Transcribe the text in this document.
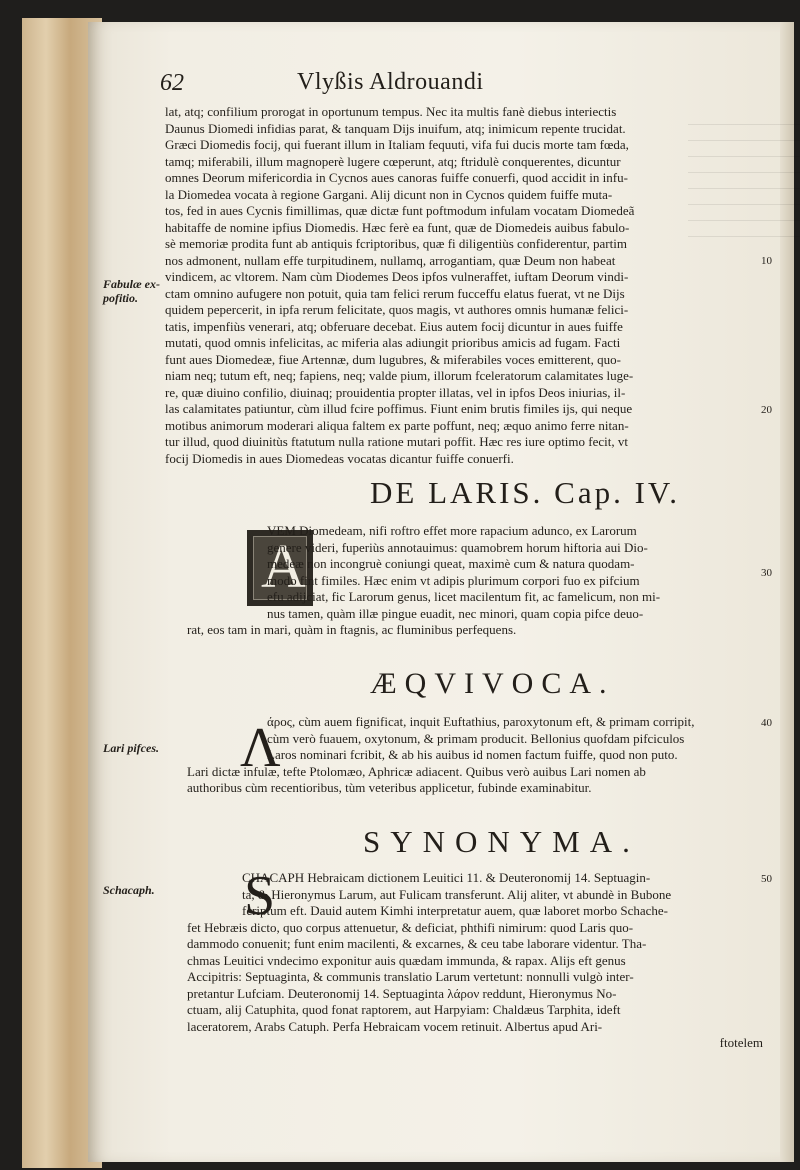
62	Vlyßis Aldrouandi
lat, atq; confilium prorogat in oportunum tempus. Nec ita multis fanè diebus interiectis
Daunus Diomedi infidias parat, & tanquam Dijs inuifum, atq; inimicum repente trucidat.
Græci Diomedis focij, qui fuerant illum in Italiam fequuti, vifa fui ducis morte tam fœda,
tamq; miferabili, illum magnoperè lugere cœperunt, atq; ftridulè conquerentes, dicuntur
omnes Deorum mifericordia in Cycnos aues canoras fuiffe conuerfi, quod accidit in infu-
la Diomedea vocata à regione Gargani. Alij dicunt non in Cycnos quidem fuiffe muta-
tos, fed in aues Cycnis fimillimas, quæ dictæ funt poftmodum infulam vocatam Diomedeã
habitaffe de nomine ipfius Diomedis. Hæc ferè ea funt, quæ de Diomedeis auibus fabulo-
sè memoriæ prodita funt ab antiquis fcriptoribus, quæ fi diligentiùs confiderentur, partim
nos admonent, nullam effe turpitudinem, nullamq, arrogantiam, quæ Deum non habeat
vindicem, ac vltorem. Nam cùm Diodemes Deos ipfos vulneraffet, iuftam Deorum vindi-
ctam omnino aufugere non potuit, quia tam felici rerum fucceffu elatus fuerat, vt ne Dijs
quidem pepercerit, in ipfa rerum felicitate, quos magis, vt authores omnis humanæ felici-
tatis, impenfiùs venerari, atq; obferuare decebat. Eius autem focij dicuntur in aues fuiffe
mutati, quod omnis infelicitas, ac miferia alas adiungit prioribus amicis ad fugam. Facti
funt aues Diomedeæ, fiue Artennæ, dum lugubres, & miferabiles voces emitterent, quo-
niam neq; tutum eft, neq; fapiens, neq; valde pium, illorum fceleratorum calamitates luge-
re, quæ diuino confilio, diuinaq; prouidentia propter illatas, vel in ipfos Deos iniurias, il-
las calamitates patiuntur, cùm illud fcire poffimus. Fiunt enim brutis fimiles ijs, qui neque
motibus animorum moderari aliqua faltem ex parte poffunt, neq; æquo animo ferre nitan-
tur illud, quod diuinitùs ftatutum nulla ratione mutari poffit. Hæc res iure optimo fecit, vt
focij Diomedis in aues Diomedeas vocatas dicantur fuiffe conuerfi.
DE LARIS. Cap. IV.
A
VEM Diomedeam, nifi roftro effet more rapacium adunco, ex Larorum
genere videri, fuperiùs annotauimus: quamobrem horum hiftoria aui Dio-
medeæ non incongruè coniungi queat, maximè cum & natura quodam-
modo fint fimiles. Hæc enim vt adipis plurimum corpori fuo ex pifcium
efu adijciat, fic Larorum genus, licet macilentum fit, ac famelicum, non mi-
nus tamen, quàm illæ pingue euadit, nec minori, quam copia pifce deuo-
rat, eos tam in mari, quàm in ftagnis, ac fluminibus perfequens.
ÆQVIVOCA.
Λ
άρος, cùm auem fignificat, inquit Euftathius, paroxytonum eft, & primam corripit,
cùm verò fuauem, oxytonum, & primam producit. Bellonius quofdam pifciculos
Laros nominari fcribit, & ab his auibus id nomen factum fuiffe, quod non puto.
Lari dictæ infulæ, tefte Ptolomæo, Aphricæ adiacent. Quibus verò auibus Lari nomen ab
authoribus cùm recentioribus, tùm veteribus applicetur, fubinde examinabitur.
SYNONYMA.
S
CHACAPH Hebraicam dictionem Leuitici 11. & Deuteronomij 14. Septuagin-
ta, & Hieronymus Larum, aut Fulicam transferunt. Alij aliter, vt abundè in Bubone
fcriptum eft. Dauid autem Kimhi interpretatur auem, quæ laboret morbo Schache-
fet Hebræis dicto, quo corpus attenuetur, & deficiat, phthifi nimirum: quod Laris quo-
dammodo conuenit; funt enim macilenti, & excarnes, & ceu tabe laborare videntur. Tha-
chmas Leuitici vndecimo exponitur auis quædam immunda, & rapax. Alijs eft genus
Accipitris: Septuaginta, & communis translatio Larum vertetunt: nonnulli vulgò inter-
pretantur Lufciam. Deuteronomij 14. Septuaginta λάρον reddunt, Hieronymus No-
ctuam, alij Catuphita, quod fonat raptorem, aut Harpyiam: Chaldæus Tarphita, ideft
laceratorem, Arabs Catuph. Perfa Hebraicam vocem retinuit. Albertus apud Ari-
ftotelem
Fabulæ ex-pofitio.
Lari pifces.
Schacaph.
10
20
30
40
50
